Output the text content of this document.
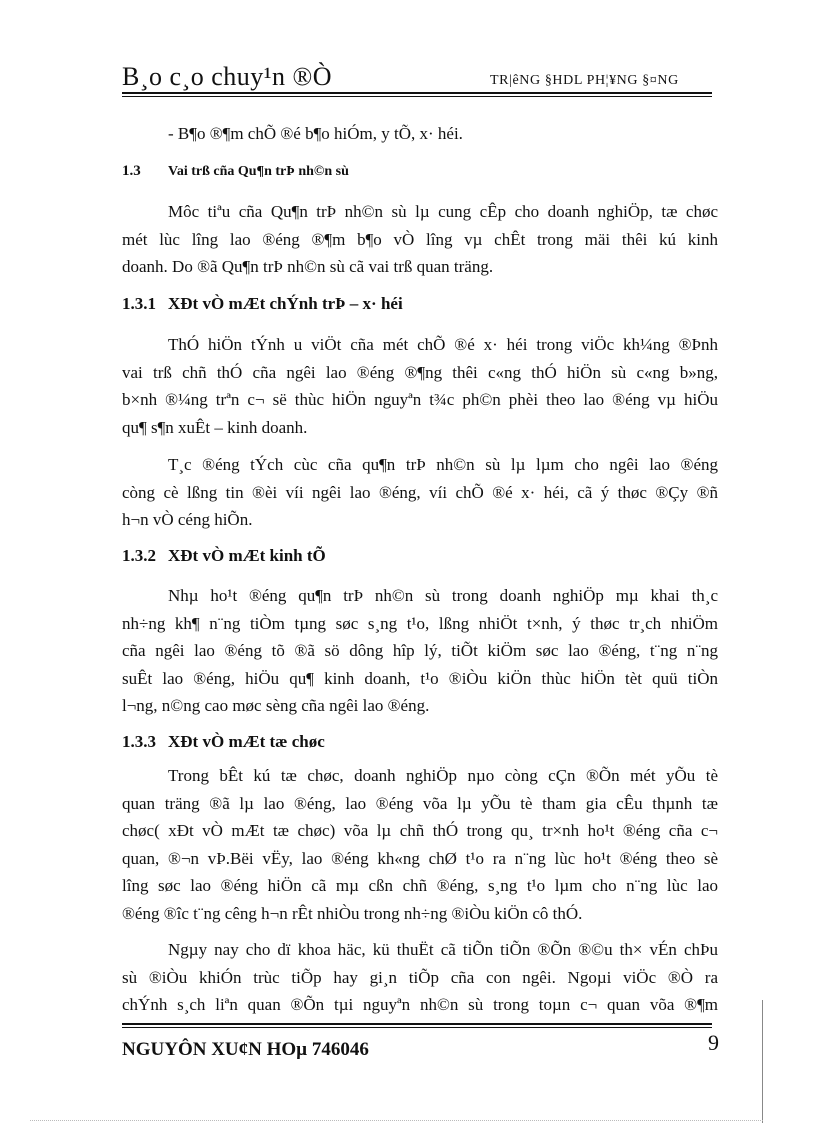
B¸o c¸o chuy¹n ®Ò	TR|êNG §HDL PH¦¥NG §¤NG
- B¶o ®¶m chÕ ®é b¶o hiÓm, y tÕ, x· héi.
1.3 Vai trß cña Qu¶n trÞ nh©n sù
Môc tiªu cña Qu¶n trÞ nh©n sù lµ cung cÊp cho doanh nghiÖp, tæ chøc
mét lùc lîng lao ®éng ®¶m b¶o vÒ lîng vµ chÊt trong mäi thêi kú kinh
doanh. Do ®ã Qu¶n trÞ nh©n sù cã vai trß quan träng.
1.3.1 XÐt vÒ mÆt chÝnh trÞ – x· héi
ThÓ hiÖn tÝnh u viÖt cña mét chÕ ®é x· héi trong viÖc kh¼ng ®Þnh
vai trß chñ thÓ cña ngêi lao ®éng ®¶ng thêi c«ng thÓ hiÖn sù c«ng b»ng,
b×nh ®¼ng trªn c¬ së thùc hiÖn nguyªn t¾c ph©n phèi theo lao ®éng vµ hiÖu
qu¶ s¶n xuÊt – kinh doanh.
T¸c ®éng tÝch cùc cña qu¶n trÞ nh©n sù lµ lµm cho ngêi lao ®éng
còng cè lßng tin ®èi víi ngêi lao ®éng, víi chÕ ®é x· héi, cã ý thøc ®Çy ®ñ
h¬n vÒ céng hiÕn.
1.3.2 XÐt vÒ mÆt kinh tÕ
Nhµ ho¹t ®éng qu¶n trÞ nh©n sù trong doanh nghiÖp mµ khai th¸c
nh÷ng kh¶ n¨ng tiÒm tµng søc s¸ng t¹o, lßng nhiÖt t×nh, ý thøc tr¸ch nhiÖm
cña ngêi lao ®éng tõ ®ã sö dông hîp lý, tiÕt kiÖm søc lao ®éng, t¨ng n¨ng
suÊt lao ®éng, hiÖu qu¶ kinh doanh, t¹o ®iÒu kiÖn thùc hiÖn tèt quü tiÒn
l¬ng, n©ng cao møc sèng cña ngêi lao ®éng.
1.3.3 XÐt vÒ mÆt tæ chøc
Trong bÊt kú tæ chøc, doanh nghiÖp nµo còng cÇn ®Õn mét yÕu tè
quan träng ®ã lµ lao ®éng, lao ®éng võa lµ yÕu tè tham gia cÊu thµnh tæ
chøc( xÐt vÒ mÆt tæ chøc) võa lµ chñ thÓ trong qu¸ tr×nh ho¹t ®éng cña c¬
quan, ®¬n vÞ.Bëi vËy, lao ®éng kh«ng chØ t¹o ra n¨ng lùc ho¹t ®éng theo sè
lîng søc lao ®éng hiÖn cã mµ cßn chñ ®éng, s¸ng t¹o lµm cho n¨ng lùc lao
®éng ®îc t¨ng cêng h¬n rÊt nhiÒu trong nh÷ng ®iÒu kiÖn cô thÓ.
Ngµy nay cho dï khoa häc, kü thuËt cã tiÕn tiÕn ®Õn ®©u th× vÉn chÞu
sù ®iÒu khiÓn trùc tiÕp hay gi¸n tiÕp cña con ngêi. Ngoµi viÖc ®Ò ra
chÝnh s¸ch liªn quan ®Õn tµi nguyªn nh©n sù trong toµn c¬ quan võa ®¶m
NGUYÔN XU¢N HOµ 746046	9
